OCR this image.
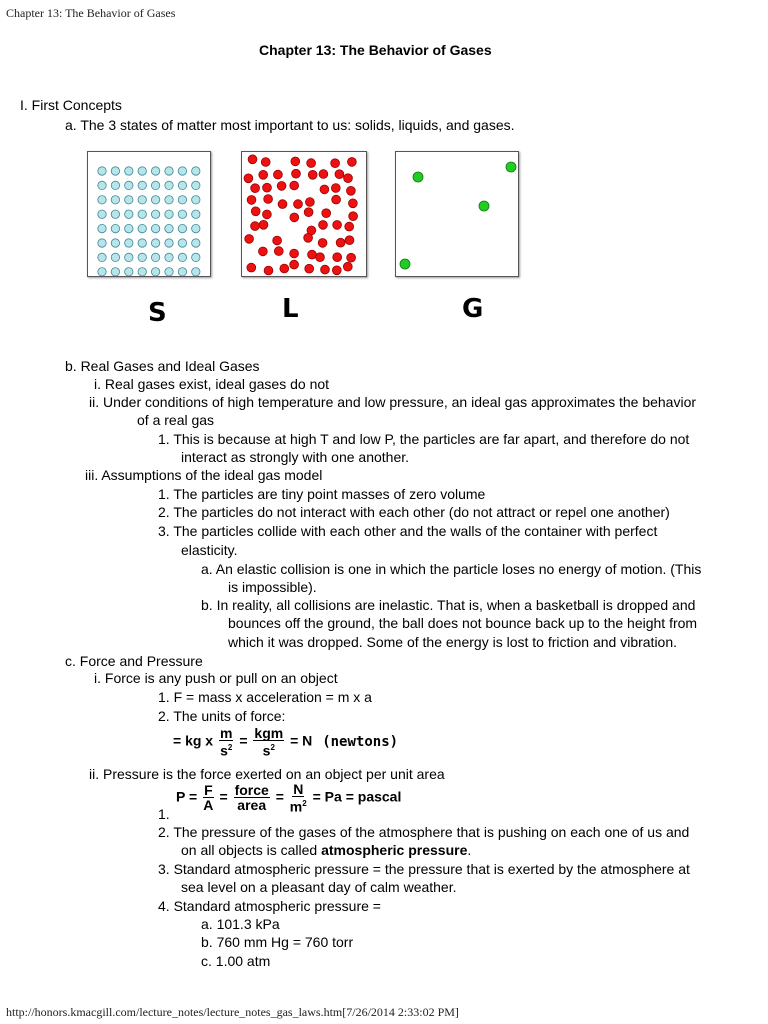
Chapter 13: The Behavior of Gases
Chapter 13: The Behavior of Gases
I. First Concepts
a. The 3 states of matter most important to us: solids, liquids, and gases.
S	L	G
b. Real Gases and Ideal Gases
i. Real gases exist, ideal gases do not
ii. Under conditions of high temperature and low pressure, an ideal gas approximates the behavior
of a real gas
1. This is because at high T and low P, the particles are far apart, and therefore do not
interact as strongly with one another.
iii. Assumptions of the ideal gas model
1. The particles are tiny point masses of zero volume
2. The particles do not interact with each other (do not attract or repel one another)
3. The particles collide with each other and the walls of the container with perfect
elasticity.
a. An elastic collision is one in which the particle loses no energy of motion. (This
is impossible).
b. In reality, all collisions are inelastic. That is, when a basketball is dropped and
bounces off the ground, the ball does not bounce back up to the height from
which it was dropped. Some of the energy is lost to friction and vibration.
c. Force and Pressure
i. Force is any push or pull on an object
1. F = mass x acceleration = m x a
2. The units of force:
= kg x $\frac{m}{s^2} = \frac{\text{kgm}}{s^2} = N$ (newtons)
ii. Pressure is the force exerted on an object per unit area
1.
$P = \frac{F}{A} = \frac{\text{force}}{\text{area}} = \frac{N}{m^2} = Pa$ = pascal
2. The pressure of the gases of the atmosphere that is pushing on each one of us and
on all objects is called atmospheric pressure.
3. Standard atmospheric pressure = the pressure that is exerted by the atmosphere at
sea level on a pleasant day of calm weather.
4. Standard atmospheric pressure =
a. 101.3 kPa
b. 760 mm Hg = 760 torr
c. 1.00 atm
http://honors.kmacgill.com/lecture_notes/lecture_notes_gas_laws.htm[7/26/2014 2:33:02 PM]
